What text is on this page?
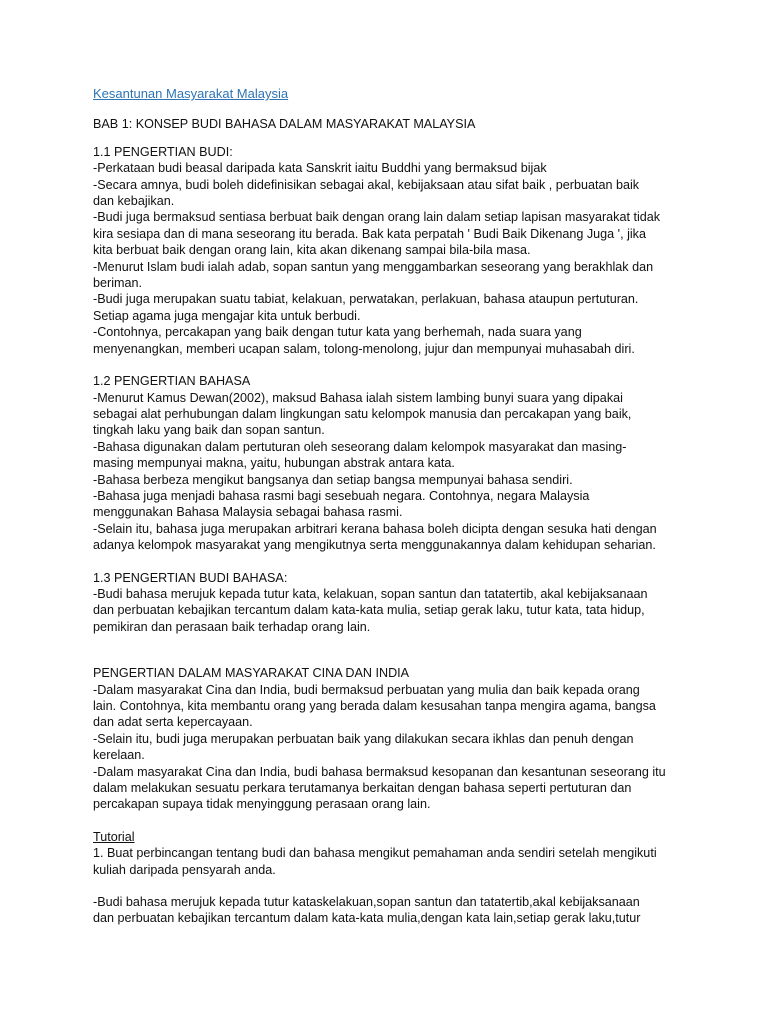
Kesantunan Masyarakat Malaysia
BAB 1: KONSEP BUDI BAHASA DALAM MASYARAKAT MALAYSIA
1.1 PENGERTIAN BUDI:
-Perkataan budi beasal daripada kata Sanskrit iaitu Buddhi yang bermaksud bijak
-Secara amnya, budi boleh didefinisikan sebagai akal, kebijaksaan atau sifat baik , perbuatan baik
dan kebajikan.
-Budi juga bermaksud sentiasa berbuat baik dengan orang lain dalam setiap lapisan masyarakat tidak
kira sesiapa dan di mana seseorang itu berada. Bak kata perpatah ' Budi Baik Dikenang Juga ', jika
kita berbuat baik dengan orang lain, kita akan dikenang sampai bila-bila masa.
-Menurut Islam budi ialah adab, sopan santun yang menggambarkan seseorang yang berakhlak dan
beriman.
-Budi juga merupakan suatu tabiat, kelakuan, perwatakan, perlakuan, bahasa ataupun pertuturan.
Setiap agama juga mengajar kita untuk berbudi.
-Contohnya, percakapan yang baik dengan tutur kata yang berhemah, nada suara yang
menyenangkan, memberi ucapan salam, tolong-menolong, jujur dan mempunyai muhasabah diri.
1.2 PENGERTIAN BAHASA
-Menurut Kamus Dewan(2002), maksud Bahasa ialah sistem lambing bunyi suara yang dipakai
sebagai alat perhubungan dalam lingkungan satu kelompok manusia dan percakapan yang baik,
tingkah laku yang baik dan sopan santun.
-Bahasa digunakan dalam pertuturan oleh seseorang dalam kelompok masyarakat dan masing-
masing mempunyai makna, yaitu, hubungan abstrak antara kata.
-Bahasa berbeza mengikut bangsanya dan setiap bangsa mempunyai bahasa sendiri.
-Bahasa juga menjadi bahasa rasmi bagi sesebuah negara. Contohnya, negara Malaysia
menggunakan Bahasa Malaysia sebagai bahasa rasmi.
-Selain itu, bahasa juga merupakan arbitrari kerana bahasa boleh dicipta dengan sesuka hati dengan
adanya kelompok masyarakat yang mengikutnya serta menggunakannya dalam kehidupan seharian.
1.3 PENGERTIAN BUDI BAHASA:
-Budi bahasa merujuk kepada tutur kata, kelakuan, sopan santun dan tatatertib, akal kebijaksanaan
dan perbuatan kebajikan tercantum dalam kata-kata mulia, setiap gerak laku, tutur kata, tata hidup,
pemikiran dan perasaan baik terhadap orang lain.
PENGERTIAN DALAM MASYARAKAT CINA DAN INDIA
-Dalam masyarakat Cina dan India, budi bermaksud perbuatan yang mulia dan baik kepada orang
lain. Contohnya, kita membantu orang yang berada dalam kesusahan tanpa mengira agama, bangsa
dan adat serta kepercayaan.
-Selain itu, budi juga merupakan perbuatan baik yang dilakukan secara ikhlas dan penuh dengan
kerelaan.
-Dalam masyarakat Cina dan India, budi bahasa bermaksud kesopanan dan kesantunan seseorang itu
dalam melakukan sesuatu perkara terutamanya berkaitan dengan bahasa seperti pertuturan dan
percakapan supaya tidak menyinggung perasaan orang lain.
Tutorial
1. Buat perbincangan tentang budi dan bahasa mengikut pemahaman anda sendiri setelah mengikuti
kuliah daripada pensyarah anda.
-Budi bahasa merujuk kepada tutur kataskelakuan,sopan santun dan tatatertib,akal kebijaksanaan
dan perbuatan kebajikan tercantum dalam kata-kata mulia,dengan kata lain,setiap gerak laku,tutur
